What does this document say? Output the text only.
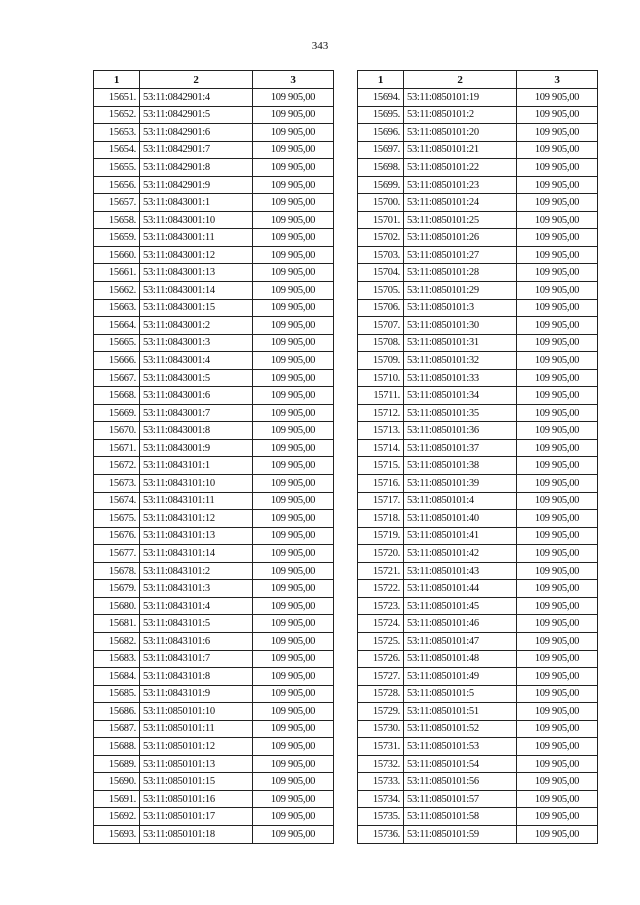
343
1	2	3
15651.	53:11:0842901:4	109 905,00
15652.	53:11:0842901:5	109 905,00
15653.	53:11:0842901:6	109 905,00
15654.	53:11:0842901:7	109 905,00
15655.	53:11:0842901:8	109 905,00
15656.	53:11:0842901:9	109 905,00
15657.	53:11:0843001:1	109 905,00
15658.	53:11:0843001:10	109 905,00
15659.	53:11:0843001:11	109 905,00
15660.	53:11:0843001:12	109 905,00
15661.	53:11:0843001:13	109 905,00
15662.	53:11:0843001:14	109 905,00
15663.	53:11:0843001:15	109 905,00
15664.	53:11:0843001:2	109 905,00
15665.	53:11:0843001:3	109 905,00
15666.	53:11:0843001:4	109 905,00
15667.	53:11:0843001:5	109 905,00
15668.	53:11:0843001:6	109 905,00
15669.	53:11:0843001:7	109 905,00
15670.	53:11:0843001:8	109 905,00
15671.	53:11:0843001:9	109 905,00
15672.	53:11:0843101:1	109 905,00
15673.	53:11:0843101:10	109 905,00
15674.	53:11:0843101:11	109 905,00
15675.	53:11:0843101:12	109 905,00
15676.	53:11:0843101:13	109 905,00
15677.	53:11:0843101:14	109 905,00
15678.	53:11:0843101:2	109 905,00
15679.	53:11:0843101:3	109 905,00
15680.	53:11:0843101:4	109 905,00
15681.	53:11:0843101:5	109 905,00
15682.	53:11:0843101:6	109 905,00
15683.	53:11:0843101:7	109 905,00
15684.	53:11:0843101:8	109 905,00
15685.	53:11:0843101:9	109 905,00
15686.	53:11:0850101:10	109 905,00
15687.	53:11:0850101:11	109 905,00
15688.	53:11:0850101:12	109 905,00
15689.	53:11:0850101:13	109 905,00
15690.	53:11:0850101:15	109 905,00
15691.	53:11:0850101:16	109 905,00
15692.	53:11:0850101:17	109 905,00
15693.	53:11:0850101:18	109 905,00
1	2	3
15694.	53:11:0850101:19	109 905,00
15695.	53:11:0850101:2	109 905,00
15696.	53:11:0850101:20	109 905,00
15697.	53:11:0850101:21	109 905,00
15698.	53:11:0850101:22	109 905,00
15699.	53:11:0850101:23	109 905,00
15700.	53:11:0850101:24	109 905,00
15701.	53:11:0850101:25	109 905,00
15702.	53:11:0850101:26	109 905,00
15703.	53:11:0850101:27	109 905,00
15704.	53:11:0850101:28	109 905,00
15705.	53:11:0850101:29	109 905,00
15706.	53:11:0850101:3	109 905,00
15707.	53:11:0850101:30	109 905,00
15708.	53:11:0850101:31	109 905,00
15709.	53:11:0850101:32	109 905,00
15710.	53:11:0850101:33	109 905,00
15711.	53:11:0850101:34	109 905,00
15712.	53:11:0850101:35	109 905,00
15713.	53:11:0850101:36	109 905,00
15714.	53:11:0850101:37	109 905,00
15715.	53:11:0850101:38	109 905,00
15716.	53:11:0850101:39	109 905,00
15717.	53:11:0850101:4	109 905,00
15718.	53:11:0850101:40	109 905,00
15719.	53:11:0850101:41	109 905,00
15720.	53:11:0850101:42	109 905,00
15721.	53:11:0850101:43	109 905,00
15722.	53:11:0850101:44	109 905,00
15723.	53:11:0850101:45	109 905,00
15724.	53:11:0850101:46	109 905,00
15725.	53:11:0850101:47	109 905,00
15726.	53:11:0850101:48	109 905,00
15727.	53:11:0850101:49	109 905,00
15728.	53:11:0850101:5	109 905,00
15729.	53:11:0850101:51	109 905,00
15730.	53:11:0850101:52	109 905,00
15731.	53:11:0850101:53	109 905,00
15732.	53:11:0850101:54	109 905,00
15733.	53:11:0850101:56	109 905,00
15734.	53:11:0850101:57	109 905,00
15735.	53:11:0850101:58	109 905,00
15736.	53:11:0850101:59	109 905,00
